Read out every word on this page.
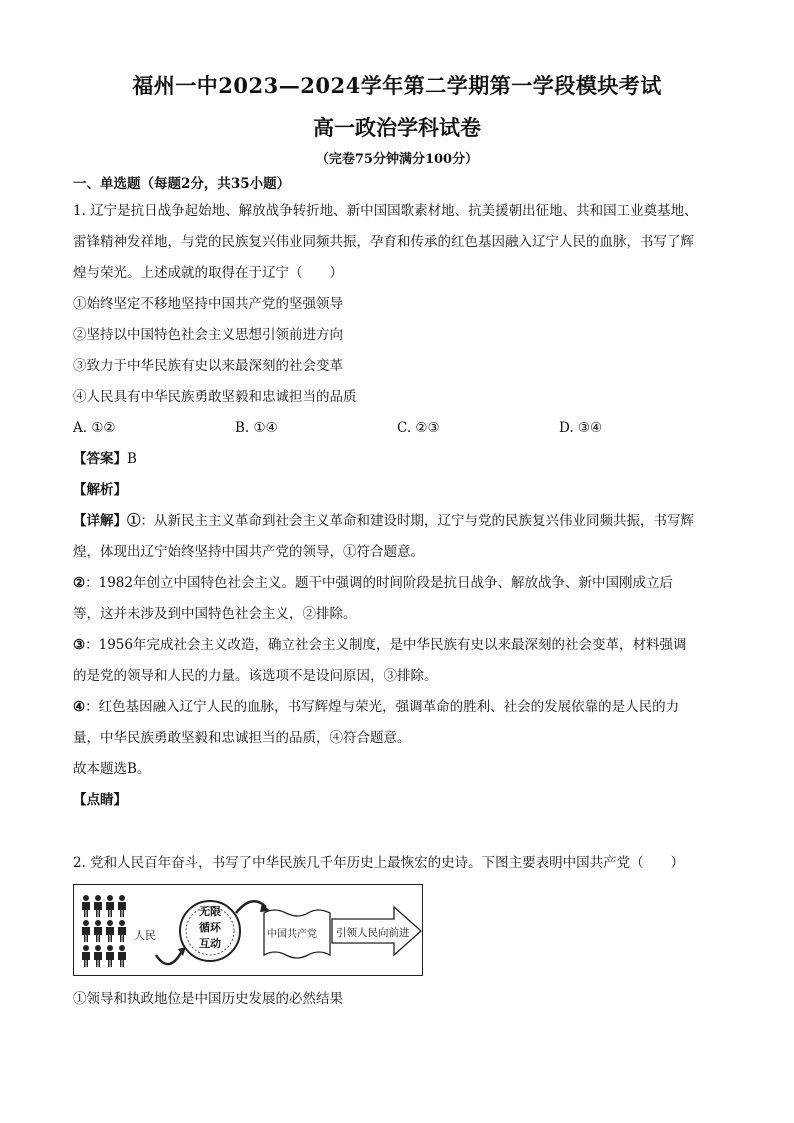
福州一中2023—2024学年第二学期第一学段模块考试
高一政治学科试卷
（完卷75分钟满分100分）
一、单选题（每题2分，共35小题）
1. 辽宁是抗日战争起始地、解放战争转折地、新中国国歌素材地、抗美援朝出征地、共和国工业奠基地、
雷锋精神发祥地，与党的民族复兴伟业同频共振，孕育和传承的红色基因融入辽宁人民的血脉，书写了辉
煌与荣光。上述成就的取得在于辽宁（　　）
①始终坚定不移地坚持中国共产党的坚强领导
②坚持以中国特色社会主义思想引领前进方向
③致力于中华民族有史以来最深刻的社会变革
④人民具有中华民族勇敢坚毅和忠诚担当的品质
A. ①②	B. ①④	C. ②③	D. ③④
【答案】B
【解析】
【详解】①：从新民主主义革命到社会主义革命和建设时期，辽宁与党的民族复兴伟业同频共振，书写辉
煌，体现出辽宁始终坚持中国共产党的领导，①符合题意。
②：1982年创立中国特色社会主义。题干中强调的时间阶段是抗日战争、解放战争、新中国刚成立后
等，这并未涉及到中国特色社会主义，②排除。
③：1956年完成社会主义改造，确立社会主义制度，是中华民族有史以来最深刻的社会变革，材料强调
的是党的领导和人民的力量。该选项不是设问原因，③排除。
④：红色基因融入辽宁人民的血脉，书写辉煌与荣光，强调革命的胜利、社会的发展依靠的是人民的力
量，中华民族勇敢坚毅和忠诚担当的品质，④符合题意。
故本题选B。
【点睛】
2. 党和人民百年奋斗，书写了中华民族几千年历史上最恢宏的史诗。下图主要表明中国共产党（　　）
人民
无限
循环
互动
中国共产党 引领人民向前进
①领导和执政地位是中国历史发展的必然结果
